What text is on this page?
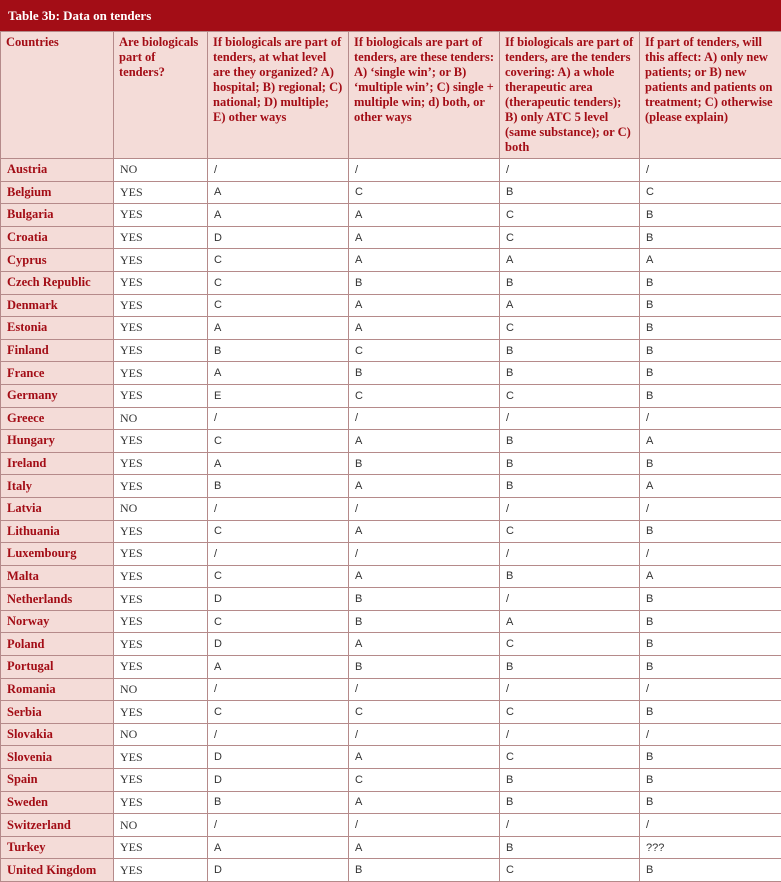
Table 3b: Data on tenders
Countries	Are biologicals part of tenders?	If biologicals are part of tenders, at what level are they organized? A) hospital; B) regional; C) national; D) multiple; E) other ways	If biologicals are part of tenders, are these tenders: A) ‘single win’; or B) ‘multiple win’; C) single + multiple win; d) both, or other ways	If biologicals are part of tenders, are the tenders covering: A) a whole therapeutic area (therapeutic tenders); B) only ATC 5 level (same substance); or C) both	If part of tenders, will this affect: A) only new patients; or B) new patients and patients on treatment; C) otherwise (please explain)
Austria	NO	/	/	/	/
Belgium	YES	A	C	B	C
Bulgaria	YES	A	A	C	B
Croatia	YES	D	A	C	B
Cyprus	YES	C	A	A	A
Czech Republic	YES	C	B	B	B
Denmark	YES	C	A	A	B
Estonia	YES	A	A	C	B
Finland	YES	B	C	B	B
France	YES	A	B	B	B
Germany	YES	E	C	C	B
Greece	NO	/	/	/	/
Hungary	YES	C	A	B	A
Ireland	YES	A	B	B	B
Italy	YES	B	A	B	A
Latvia	NO	/	/	/	/
Lithuania	YES	C	A	C	B
Luxembourg	YES	/	/	/	/
Malta	YES	C	A	B	A
Netherlands	YES	D	B	/	B
Norway	YES	C	B	A	B
Poland	YES	D	A	C	B
Portugal	YES	A	B	B	B
Romania	NO	/	/	/	/
Serbia	YES	C	C	C	B
Slovakia	NO	/	/	/	/
Slovenia	YES	D	A	C	B
Spain	YES	D	C	B	B
Sweden	YES	B	A	B	B
Switzerland	NO	/	/	/	/
Turkey	YES	A	A	B	???
United Kingdom	YES	D	B	C	B
